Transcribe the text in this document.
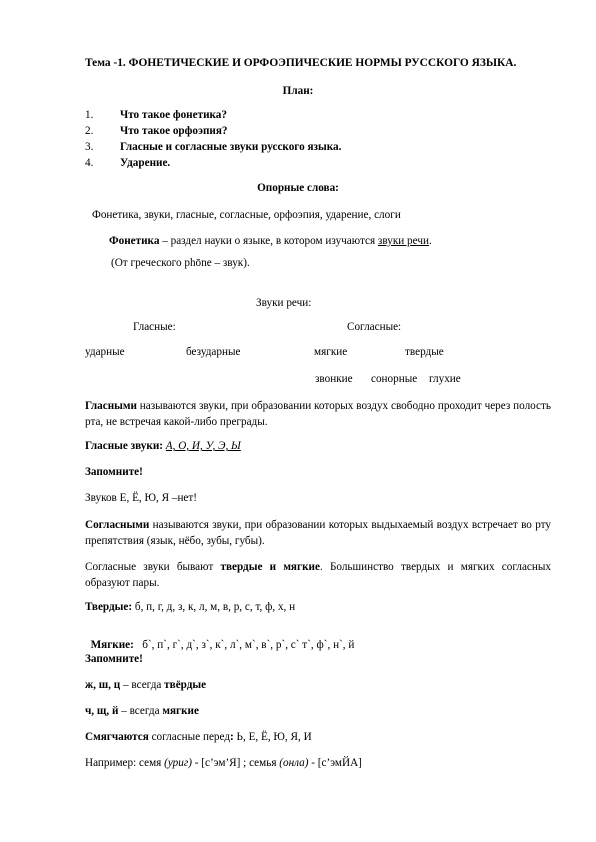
Тема -1. ФОНЕТИЧЕСКИЕ И ОРФОЭПИЧЕСКИЕ НОРМЫ РУССКОГО ЯЗЫКА.
План:
1. Что такое фонетика?
2. Что такое орфоэпия?
3. Гласные и согласные звуки русского языка.
4. Ударение.
Опорные слова:
Фонетика, звуки, гласные, согласные, орфоэпия, ударение, слоги
Фонетика – раздел науки о языке, в котором изучаются звуки речи.
(От греческого phōne – звук).
Звуки речи:
Гласные:	Согласные:
ударные	безударные	мягкие	твердые
звонкие сонорные глухие
Гласными называются звуки, при образовании которых воздух свободно проходит через полость рта, не встречая какой-либо преграды.
Гласные звуки: А, О, И, У, Э, Ы
Запомните!
Звуков Е, Ё, Ю, Я –нет!
Согласными называются звуки, при образовании которых выдыхаемый воздух встречает во рту препятствия (язык, нёбо, зубы, губы).
Согласные звуки бывают твердые и мягкие. Большинство твердых и мягких согласных образуют пары.
Твердые: б, п, г, д, з, к, л, м, в, р, с, т, ф, х, н

Мягкие:   б`, п`, г`, д`, з`, к`, л`, м`, в`, р`, с` т`, ф`, н`, й

Запомните!
ж, ш, ц – всегда твёрдые
ч, щ, й – всегда мягкие
Смягчаются согласные перед: Ь, Е, Ё, Ю, Я, И
Например: семя (урuг) - [с’эм’Я] ; семья (онла) - [с’эмЙА]
